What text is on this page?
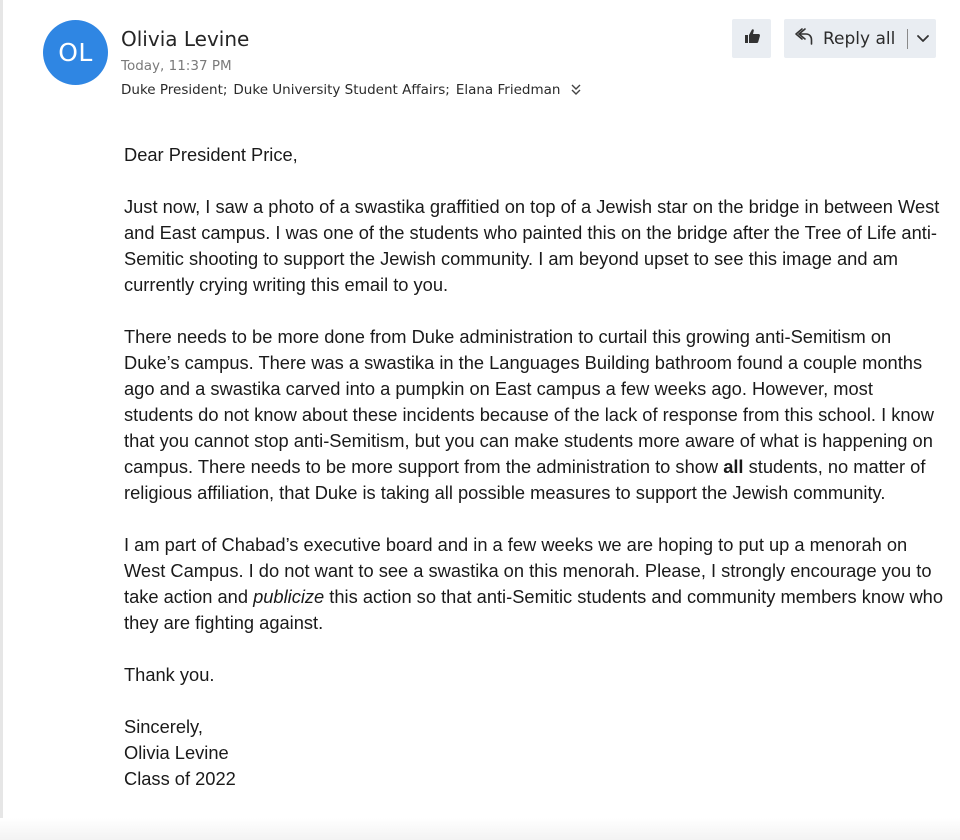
OL	Olivia Levine
Today, 11:37 PM
Duke President; Duke University Student Affairs; Elana Friedman
Reply all

Dear President Price,

Just now, I saw a photo of a swastika graffitied on top of a Jewish star on the bridge in between West and East campus. I was one of the students who painted this on the bridge after the Tree of Life anti-Semitic shooting to support the Jewish community. I am beyond upset to see this image and am currently crying writing this email to you.

There needs to be more done from Duke administration to curtail this growing anti-Semitism on Duke’s campus. There was a swastika in the Languages Building bathroom found a couple months ago and a swastika carved into a pumpkin on East campus a few weeks ago. However, most students do not know about these incidents because of the lack of response from this school. I know that you cannot stop anti-Semitism, but you can make students more aware of what is happening on campus. There needs to be more support from the administration to show all students, no matter of religious affiliation, that Duke is taking all possible measures to support the Jewish community.

I am part of Chabad’s executive board and in a few weeks we are hoping to put up a menorah on West Campus. I do not want to see a swastika on this menorah. Please, I strongly encourage you to take action and publicize this action so that anti-Semitic students and community members know who they are fighting against.

Thank you.

Sincerely,

Olivia Levine

Class of 2022
